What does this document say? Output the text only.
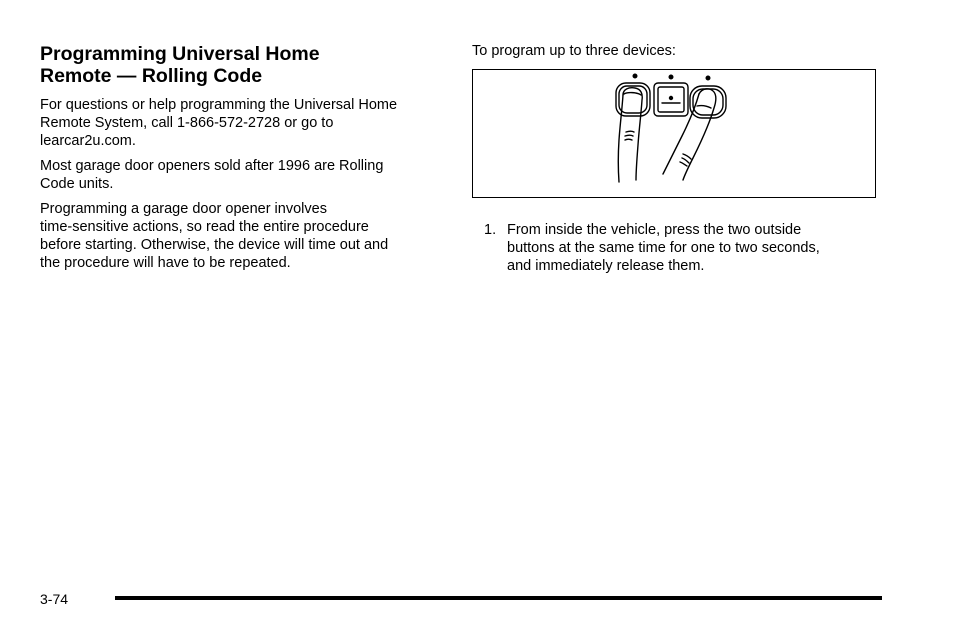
Programming Universal Home
Remote — Rolling Code

For questions or help programming the Universal Home
Remote System, call 1-866-572-2728 or go to
learcar2u.com.

Most garage door openers sold after 1996 are Rolling
Code units.

Programming a garage door opener involves
time-sensitive actions, so read the entire procedure
before starting. Otherwise, the device will time out and
the procedure will have to be repeated.

To program up to three devices:

1. From inside the vehicle, press the two outside
buttons at the same time for one to two seconds,
and immediately release them.
3-74
